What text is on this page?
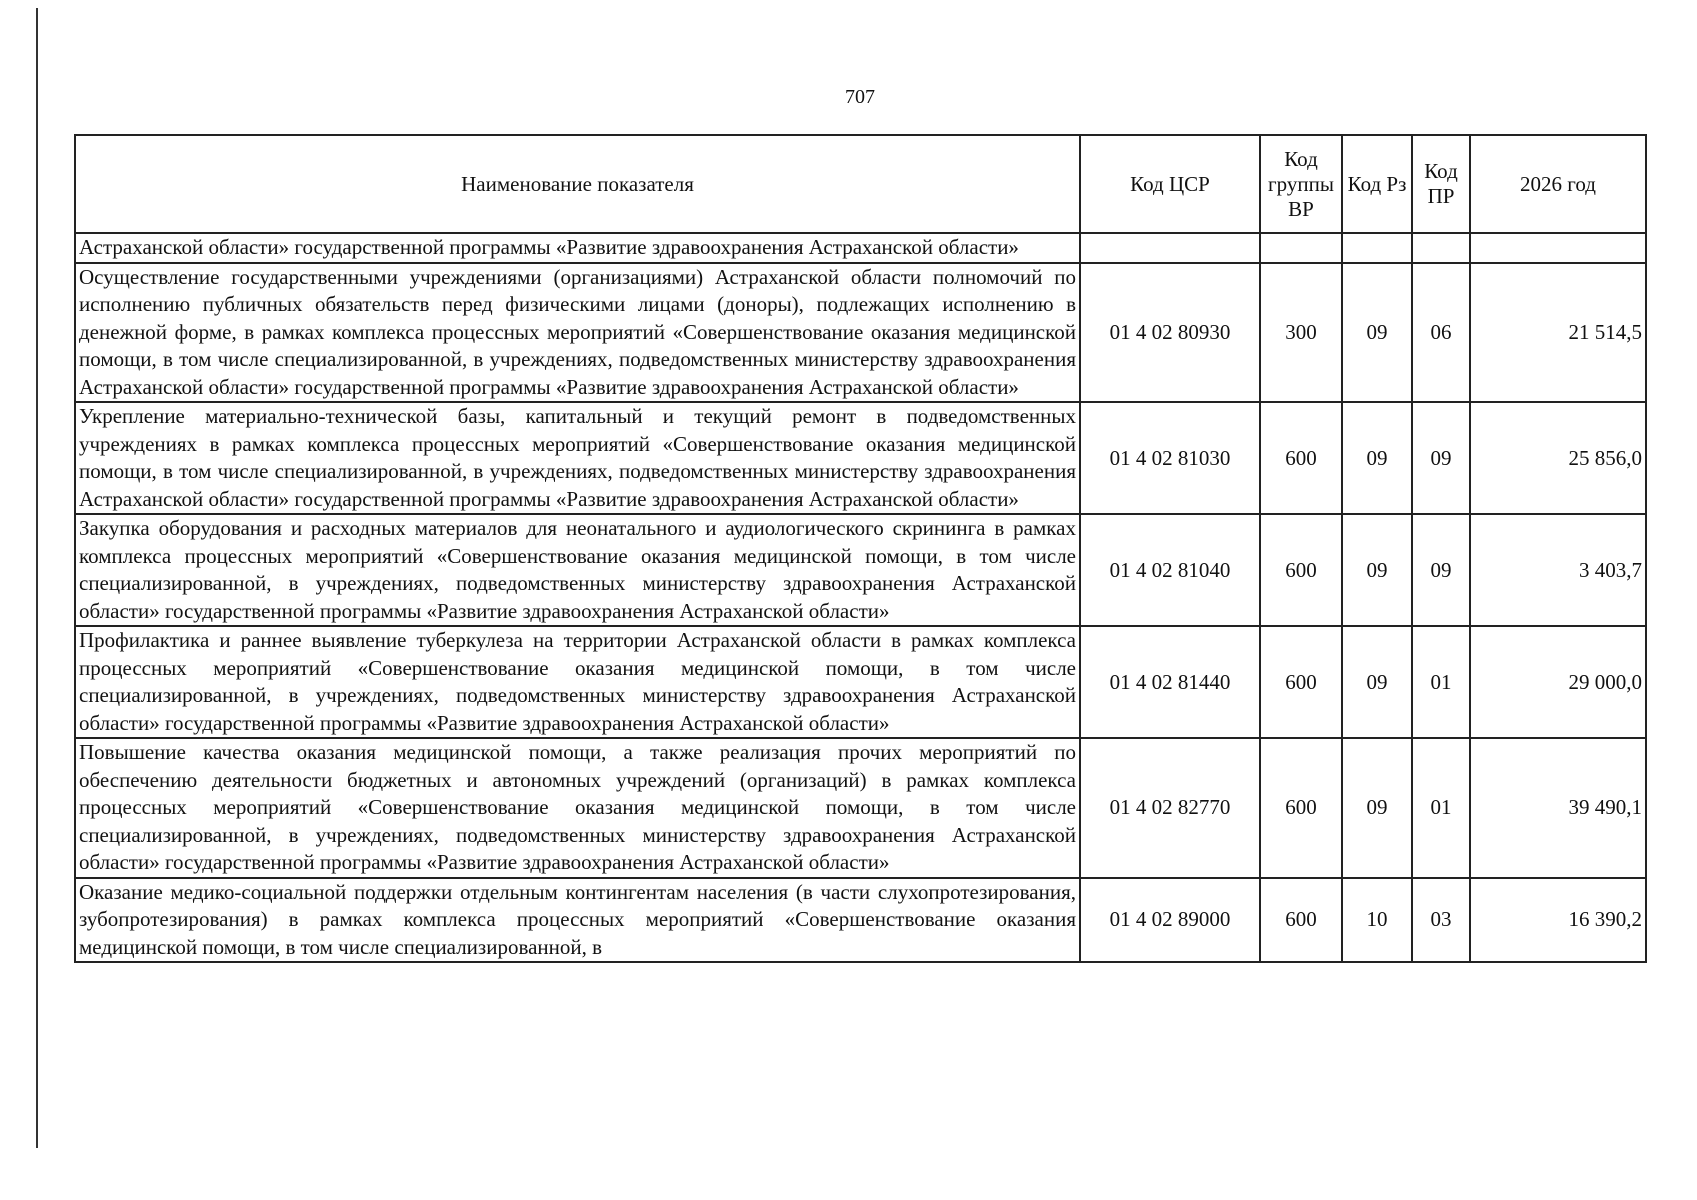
707
Наименование показателя	Код ЦСР	Код группы ВР	Код Рз	Код ПР	2026 год
Астраханской области» государственной программы «Развитие здравоохранения Астраханской области»					
Осуществление государственными учреждениями (организациями) Астраханской области полномочий по исполнению публичных обязательств перед физическими лицами (доноры), подлежащих исполнению в денежной форме, в рамках комплекса процессных мероприятий «Совершенствование оказания медицинской помощи, в том числе специализированной, в учреждениях, подведомственных министерству здравоохранения Астраханской области» государственной программы «Развитие здравоохранения Астраханской области»	01 4 02 80930	300	09	06	21 514,5
Укрепление материально-технической базы, капитальный и текущий ремонт в подведомственных учреждениях в рамках комплекса процессных мероприятий «Совершенствование оказания медицинской помощи, в том числе специализированной, в учреждениях, подведомственных министерству здравоохранения Астраханской области» государственной программы «Развитие здравоохранения Астраханской области»	01 4 02 81030	600	09	09	25 856,0
Закупка оборудования и расходных материалов для неонатального и аудиологического скрининга в рамках комплекса процессных мероприятий «Совершенствование оказания медицинской помощи, в том числе специализированной, в учреждениях, подведомственных министерству здравоохранения Астраханской области» государственной программы «Развитие здравоохранения Астраханской области»	01 4 02 81040	600	09	09	3 403,7
Профилактика и раннее выявление туберкулеза на территории Астраханской области в рамках комплекса процессных мероприятий «Совершенствование оказания медицинской помощи, в том числе специализированной, в учреждениях, подведомственных министерству здравоохранения Астраханской области» государственной программы «Развитие здравоохранения Астраханской области»	01 4 02 81440	600	09	01	29 000,0
Повышение качества оказания медицинской помощи, а также реализация прочих мероприятий по обеспечению деятельности бюджетных и автономных учреждений (организаций) в рамках комплекса процессных мероприятий «Совершенствование оказания медицинской помощи, в том числе специализированной, в учреждениях, подведомственных министерству здравоохранения Астраханской области» государственной программы «Развитие здравоохранения Астраханской области»	01 4 02 82770	600	09	01	39 490,1
Оказание медико-социальной поддержки отдельным контингентам населения (в части слухопротезирования, зубопротезирования) в рамках комплекса процессных мероприятий «Совершенствование оказания медицинской помощи, в том числе специализированной, в	01 4 02 89000	600	10	03	16 390,2
